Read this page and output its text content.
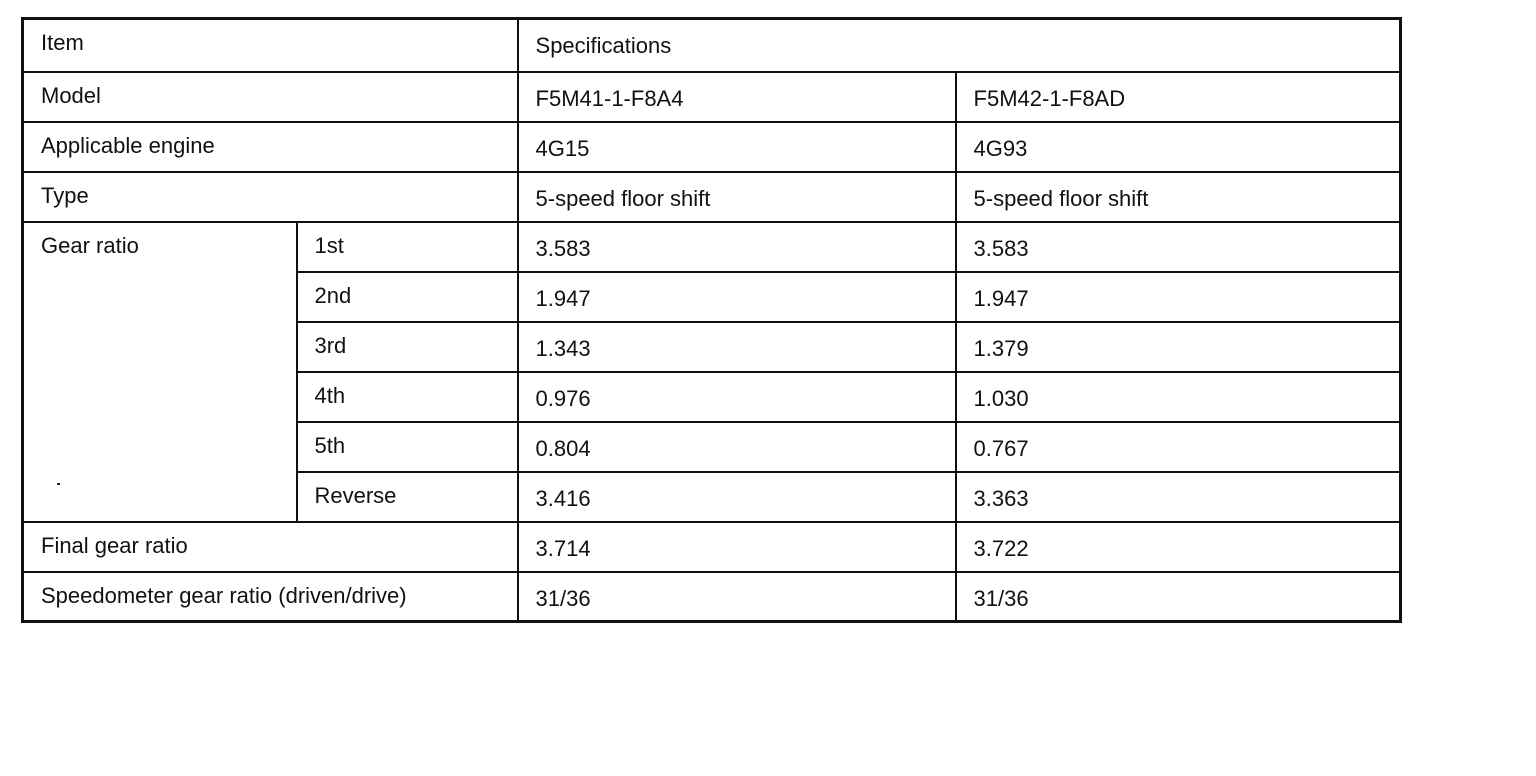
Item		Specifications	
Model		F5M41-1-F8A4	F5M42-1-F8AD
Applicable engine		4G15	4G93
Type		5-speed floor shift	5-speed floor shift
Gear ratio	1st	3.583	3.583
	2nd	1.947	1.947
	3rd	1.343	1.379
	4th	0.976	1.030
	5th	0.804	0.767
	Reverse	3.416	3.363
Final gear ratio		3.714	3.722
Speedometer gear ratio (driven/drive)		31/36	31/36
